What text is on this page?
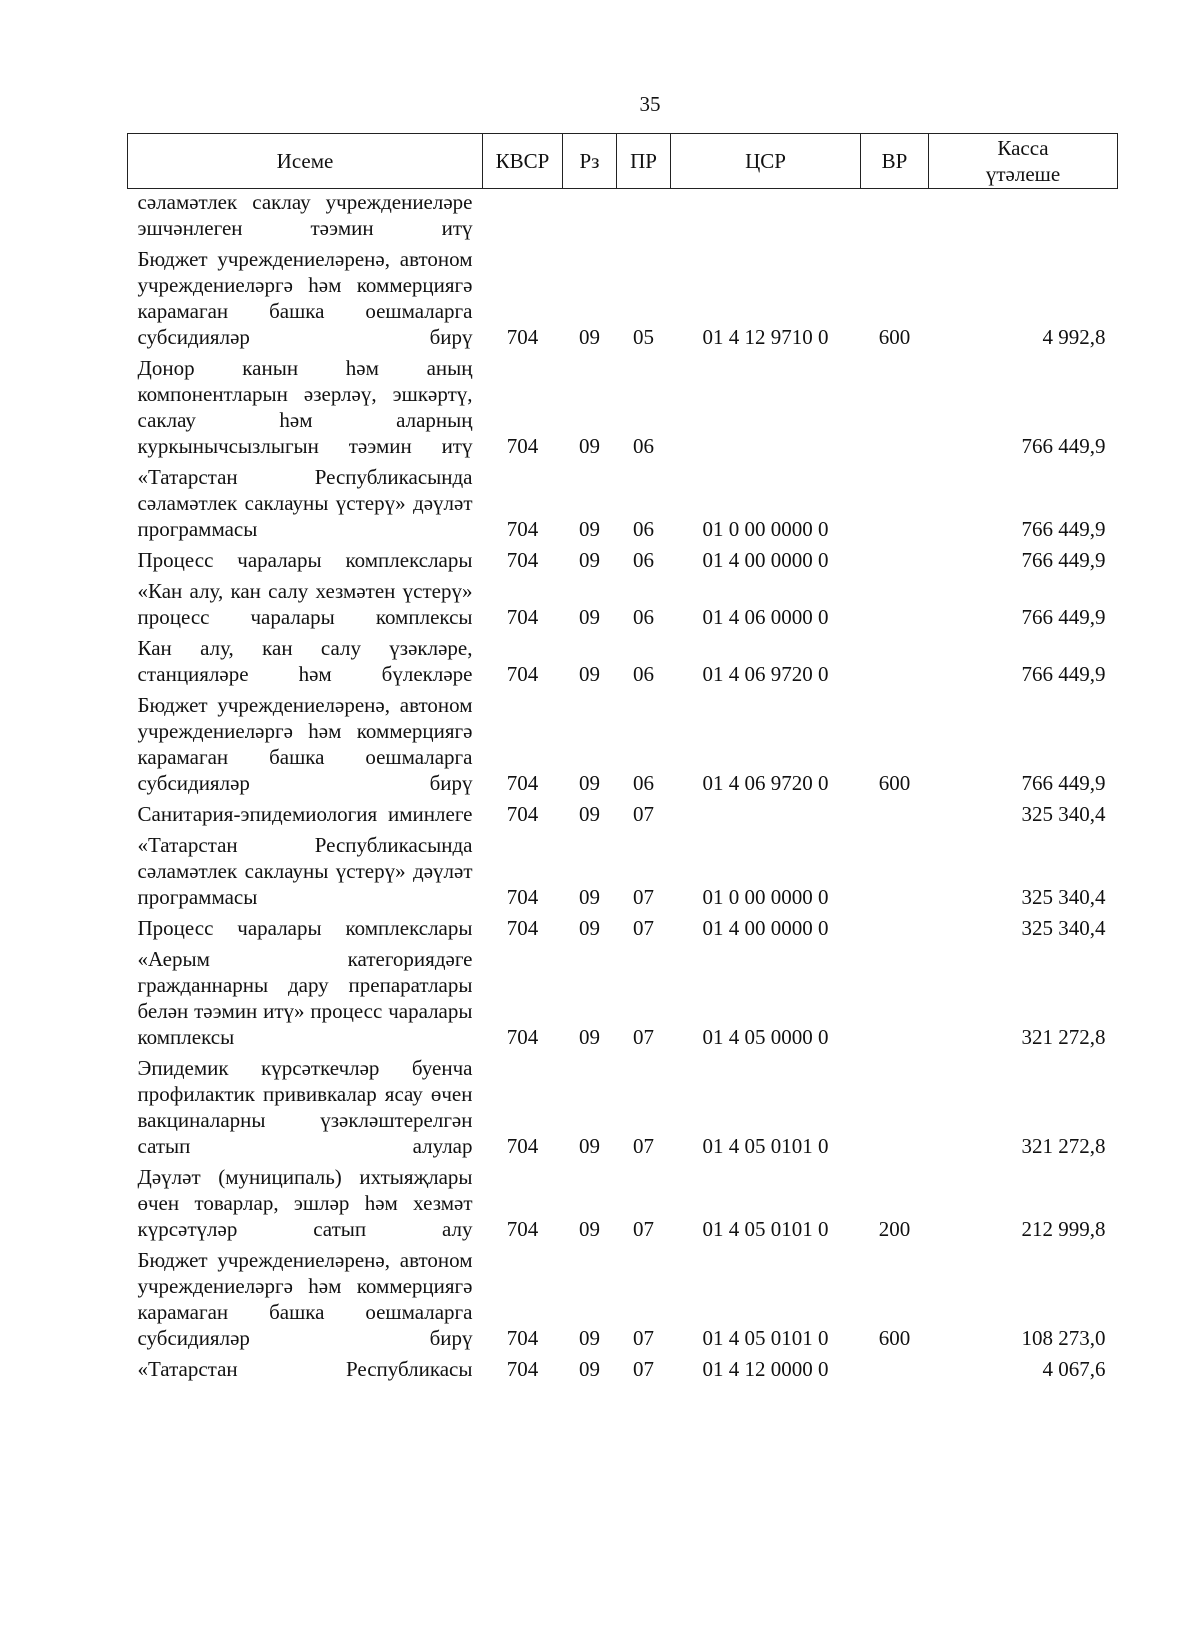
35
Исеме	КВСР	Рз	ПР	ЦСР	ВР	Касса
үтәлеше

сәламәтлек саклау учреждениеләре эшчәнлеген тәэмин итү						
Бюджет учреждениеләренә, автоном учреждениеләргә һәм коммерциягә карамаган башка оешмаларга субсидияләр бирү	704	09	05	01 4 12 9710 0	600	4 992,8
Донор канын һәм аның компонентларын әзерләү, эшкәртү, саклау һәм аларның куркынычсызлыгын тәэмин итү	704	09	06			766 449,9
«Татарстан Республикасында сәламәтлек саклауны үстерү» дәүләт программасы	704	09	06	01 0 00 0000 0		766 449,9
Процесс чаралары комплекслары	704	09	06	01 4 00 0000 0		766 449,9
«Кан алу, кан салу хезмәтен үстерү» процесс чаралары комплексы	704	09	06	01 4 06 0000 0		766 449,9
Кан алу, кан салу үзәкләре, станцияләре һәм бүлекләре	704	09	06	01 4 06 9720 0		766 449,9
Бюджет учреждениеләренә, автоном учреждениеләргә һәм коммерциягә карамаган башка оешмаларга субсидияләр бирү	704	09	06	01 4 06 9720 0	600	766 449,9
Санитария-эпидемиология иминлеге	704	09	07			325 340,4
«Татарстан Республикасында сәламәтлек саклауны үстерү» дәүләт программасы	704	09	07	01 0 00 0000 0		325 340,4
Процесс чаралары комплекслары	704	09	07	01 4 00 0000 0		325 340,4
«Аерым категориядәге гражданнарны дару препаратлары белән тәэмин итү» процесс чаралары комплексы	704	09	07	01 4 05 0000 0		321 272,8
Эпидемик күрсәткечләр буенча профилактик прививкалар ясау өчен вакциналарны үзәкләштерелгән сатып алулар	704	09	07	01 4 05 0101 0		321 272,8
Дәүләт (муниципаль) ихтыяҗлары өчен товарлар, эшләр һәм хезмәт күрсәтүләр сатып алу	704	09	07	01 4 05 0101 0	200	212 999,8
Бюджет учреждениеләренә, автоном учреждениеләргә һәм коммерциягә карамаган башка оешмаларга субсидияләр бирү	704	09	07	01 4 05 0101 0	600	108 273,0
«Татарстан Республикасы	704	09	07	01 4 12 0000 0		4 067,6
